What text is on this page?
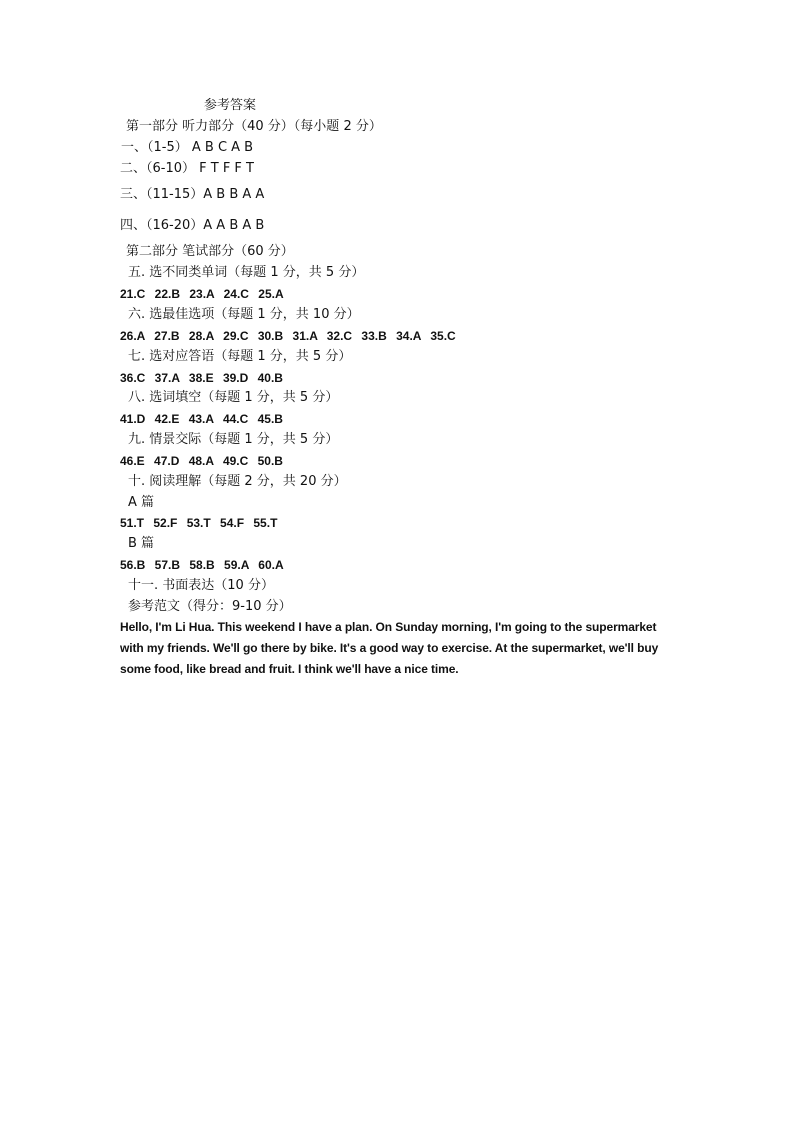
参考答案
第一部分 听力部分（40 分）（每小题 2 分）
一、（1-5） A B C A B
二、（6-10） F T F F T
三、（11-15）A B B A A
四、（16-20）A A B A B
第二部分 笔试部分（60 分）
五. 选不同类单词（每题 1 分，共 5 分）
21.C 22.B 23.A 24.C 25.A
六. 选最佳选项（每题 1 分，共 10 分）
26.A 27.B 28.A 29.C 30.B 31.A 32.C 33.B 34.A 35.C
七. 选对应答语（每题 1 分，共 5 分）
36.C 37.A 38.E 39.D 40.B
八. 选词填空（每题 1 分，共 5 分）
41.D 42.E 43.A 44.C 45.B
九. 情景交际（每题 1 分，共 5 分）
46.E 47.D 48.A 49.C 50.B
十. 阅读理解（每题 2 分，共 20 分）
A 篇
51.T 52.F 53.T 54.F 55.T
B 篇
56.B 57.B 58.B 59.A 60.A
十一. 书面表达（10 分）
参考范文（得分：9-10 分）
Hello, I'm Li Hua. This weekend I have a plan. On Sunday morning, I'm going to the supermarket
with my friends. We'll go there by bike. It's a good way to exercise. At the supermarket, we'll buy
some food, like bread and fruit. I think we'll have a nice time.
